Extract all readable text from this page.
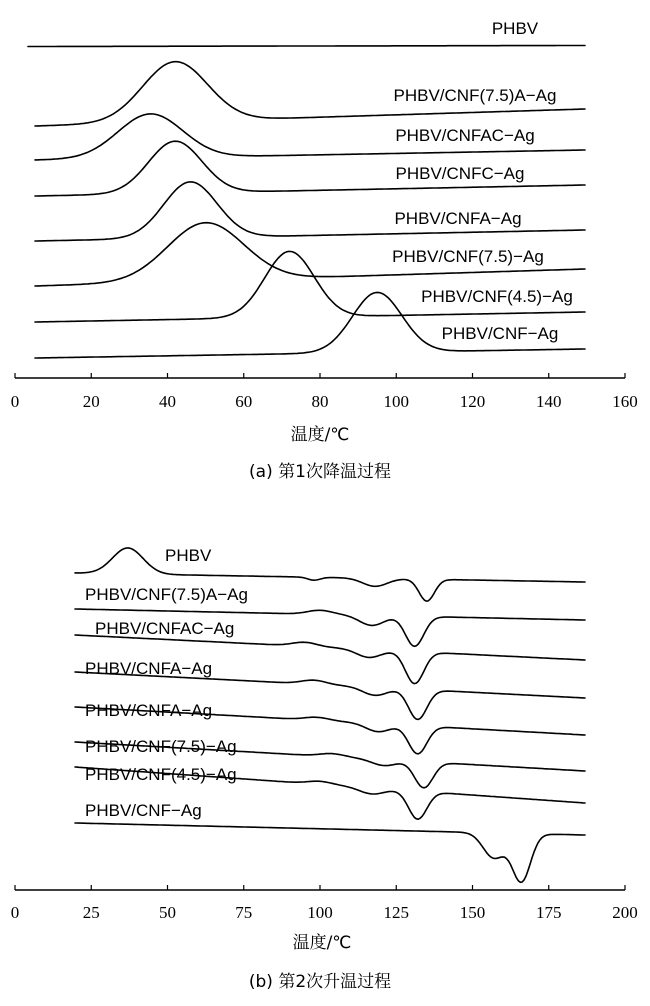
PHBV
PHBV/CNF(7.5)A−Ag
PHBV/CNFAC−Ag
PHBV/CNFC−Ag
PHBV/CNFA−Ag
PHBV/CNF(7.5)−Ag
PHBV/CNF(4.5)−Ag
PHBV/CNF−Ag
0	20	40	60	80	100	120	140	160
温度/℃
(a) 第1次降温过程
PHBV
PHBV/CNF(7.5)A−Ag
PHBV/CNFAC−Ag
PHBV/CNFA−Ag
PHBV/CNFA−Ag
PHBV/CNF(7.5)−Ag
PHBV/CNF(4.5)−Ag
PHBV/CNF−Ag
0	25	50	75	100	125	150	175	200
温度/℃
(b) 第2次升温过程
